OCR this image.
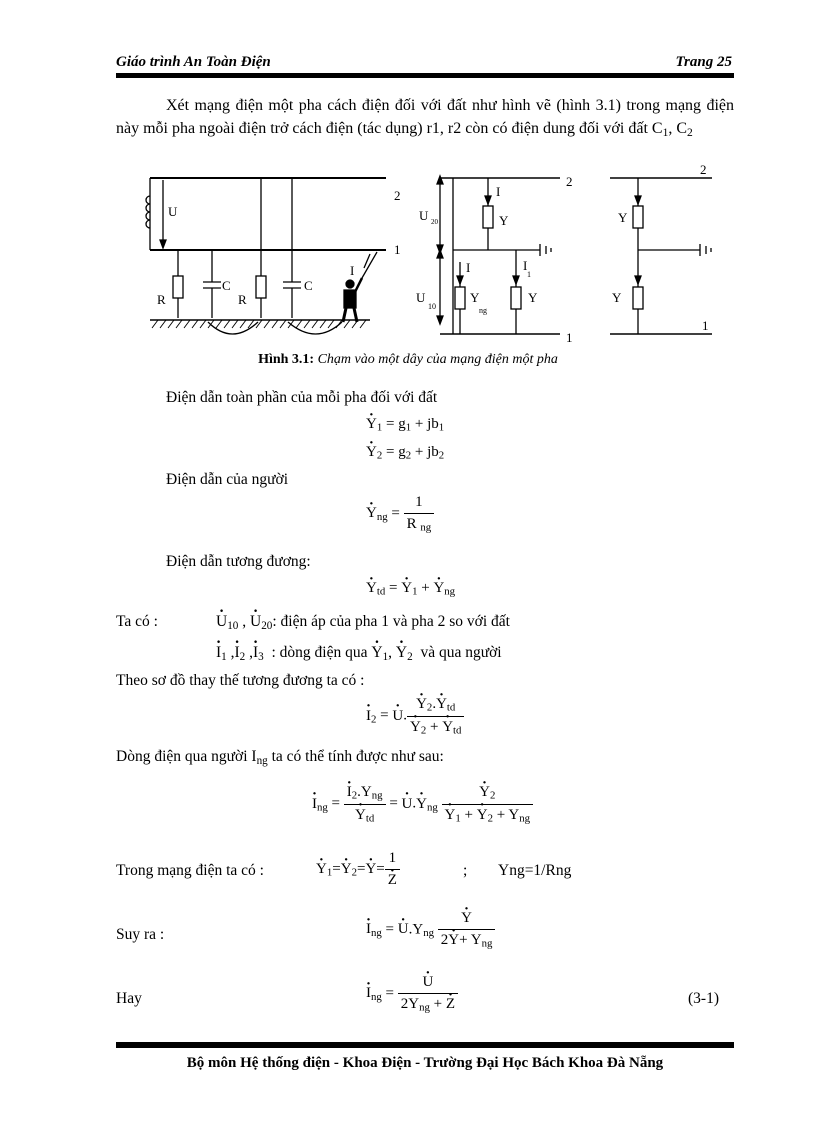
Giáo trình An Toàn Điện	Trang 25
Xét mạng điện một pha cách điện đối với đất như hình vẽ (hình 3.1) trong mạng điện này mỗi pha ngoài điện trở cách điện (tác dụng) r1, r2 còn có điện dung đối với đất $C_1$, $C_2$
2
1
U
R
C
R
C
I
2
1
U 20
U
10
I
Y
I
Y
ng
I
1
Y
2
1
Y
Y
Hình 3.1: Chạm vào một dây của mạng điện một pha
Điện dẫn toàn phần của mỗi pha đối với đất
· $Y_1 = g_1 + jb_1$
· $Y_2 = g_2 + jb_2$
Điện dẫn của người
· $Y_{ng} = \frac{1}{R _{ng}}$
Điện dẫn tương đương:
· $Y_{td}$ = · $Y_1$ + · $Y_{ng}$
Ta có :
·	$U_{10}$ , · $U_{20}$: điện áp của pha 1 và pha 2 so với đất
· $I_1$ ,· $I_2$ ,· $I_3$ : dòng điện qua · $Y_1$, · $Y_2$ và qua người
Theo sơ đồ thay thế tương đương ta có :
· $I_2$ = · U.
· $Y_2.\cdot Y_{td}$
· $Y_2$ + · $Y_{td}$
Dòng điện qua người $I_{ng}$ ta có thể tính được như sau:
· $I_{ng}$ =
· $I_2.Y_{ng}$
· $Y_{td}$ = · $U.\cdot Y_{ng}$
· $Y_2$
· $Y_1$ + · $Y_2 + Y_{ng}$
Trong mạng điện ta có :
·	$Y_1=\cdot Y_2=\cdot Y= 1$
· Z	; Yng=1/Rng
Suy ra :
·	$I_{ng}$ = · $U.Y_{ng}$
· $\frac{Y}{2\cdot Y+ Y_{ng}}$
Hay
·	$I_{ng}$ =
· $\frac{U}{2Y_{ng} + \cdot Z}$	(3-1)
Bộ môn Hệ thống điện - Khoa Điện - Trường Đại Học Bách Khoa Đà Nẵng
